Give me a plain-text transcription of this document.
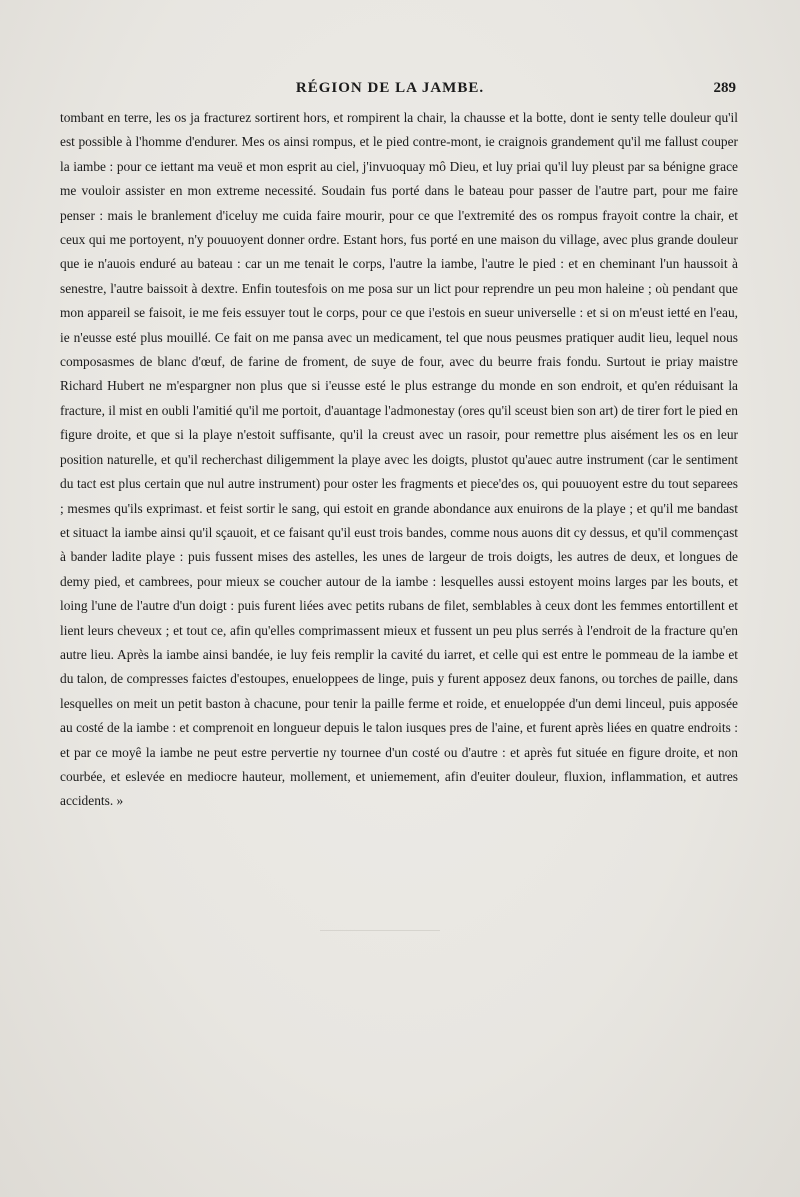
RÉGION DE LA JAMBE.	289

tombant en terre, les os ja fracturez sortirent hors, et rompirent la chair, la chausse et la botte, dont ie senty telle douleur qu'il est possible à l'homme d'endurer. Mes os ainsi rompus, et le pied contre-mont, ie craignois grandement qu'il me fallust couper la iambe : pour ce iettant ma veuë et mon esprit au ciel, j'invuoquay mô Dieu, et luy priai qu'il luy pleust par sa bénigne grace me vouloir assister en mon extreme necessité. Soudain fus porté dans le bateau pour passer de l'autre part, pour me faire penser : mais le branlement d'iceluy me cuida faire mourir, pour ce que l'extremité des os rompus frayoit contre la chair, et ceux qui me portoyent, n'y pouuoyent donner ordre. Estant hors, fus porté en une maison du village, avec plus grande douleur que ie n'auois enduré au bateau : car un me tenait le corps, l'autre la iambe, l'autre le pied : et en cheminant l'un haussoit à senestre, l'autre baissoit à dextre. Enfin toutesfois on me posa sur un lict pour reprendre un peu mon haleine ; où pendant que mon appareil se faisoit, ie me feis essuyer tout le corps, pour ce que i'estois en sueur universelle : et si on m'eust ietté en l'eau, ie n'eusse esté plus mouillé. Ce fait on me pansa avec un medicament, tel que nous peusmes pratiquer audit lieu, lequel nous composasmes de blanc d'œuf, de farine de froment, de suye de four, avec du beurre frais fondu. Surtout ie priay maistre Richard Hubert ne m'espargner non plus que si i'eusse esté le plus estrange du monde en son endroit, et qu'en réduisant la fracture, il mist en oubli l'amitié qu'il me portoit, d'auantage l'admonestay (ores qu'il sceust bien son art) de tirer fort le pied en figure droite, et que si la playe n'estoit suffisante, qu'il la creust avec un rasoir, pour remettre plus aisément les os en leur position naturelle, et qu'il recherchast diligemment la playe avec les doigts, plustot qu'auec autre instrument (car le sentiment du tact est plus certain que nul autre instrument) pour oster les fragments et piece'des os, qui pouuoyent estre du tout separees ; mesmes qu'ils exprimast. et feist sortir le sang, qui estoit en grande abondance aux enuirons de la playe ; et qu'il me bandast et situact la iambe ainsi qu'il sçauoit, et ce faisant qu'il eust trois bandes, comme nous auons dit cy dessus, et qu'il commençast à bander ladite playe : puis fussent mises des astelles, les unes de largeur de trois doigts, les autres de deux, et longues de demy pied, et cambrees, pour mieux se coucher autour de la iambe : lesquelles aussi estoyent moins larges par les bouts, et loing l'une de l'autre d'un doigt : puis furent liées avec petits rubans de filet, semblables à ceux dont les femmes entortillent et lient leurs cheveux ; et tout ce, afin qu'elles comprimassent mieux et fussent un peu plus serrés à l'endroit de la fracture qu'en autre lieu. Après la iambe ainsi bandée, ie luy feis remplir la cavité du iarret, et celle qui est entre le pommeau de la iambe et du talon, de compresses faictes d'estoupes, enueloppees de linge, puis y furent apposez deux fanons, ou torches de paille, dans lesquelles on meit un petit baston à chacune, pour tenir la paille ferme et roide, et enueloppée d'un demi linceul, puis apposée au costé de la iambe : et comprenoit en longueur depuis le talon iusques pres de l'aine, et furent après liées en quatre endroits : et par ce moyê la iambe ne peut estre pervertie ny tournee d'un costé ou d'autre : et après fut située en figure droite, et non courbée, et eslevée en mediocre hauteur, mollement, et uniemement, afin d'euiter douleur, fluxion, inflammation, et autres accidents. »
